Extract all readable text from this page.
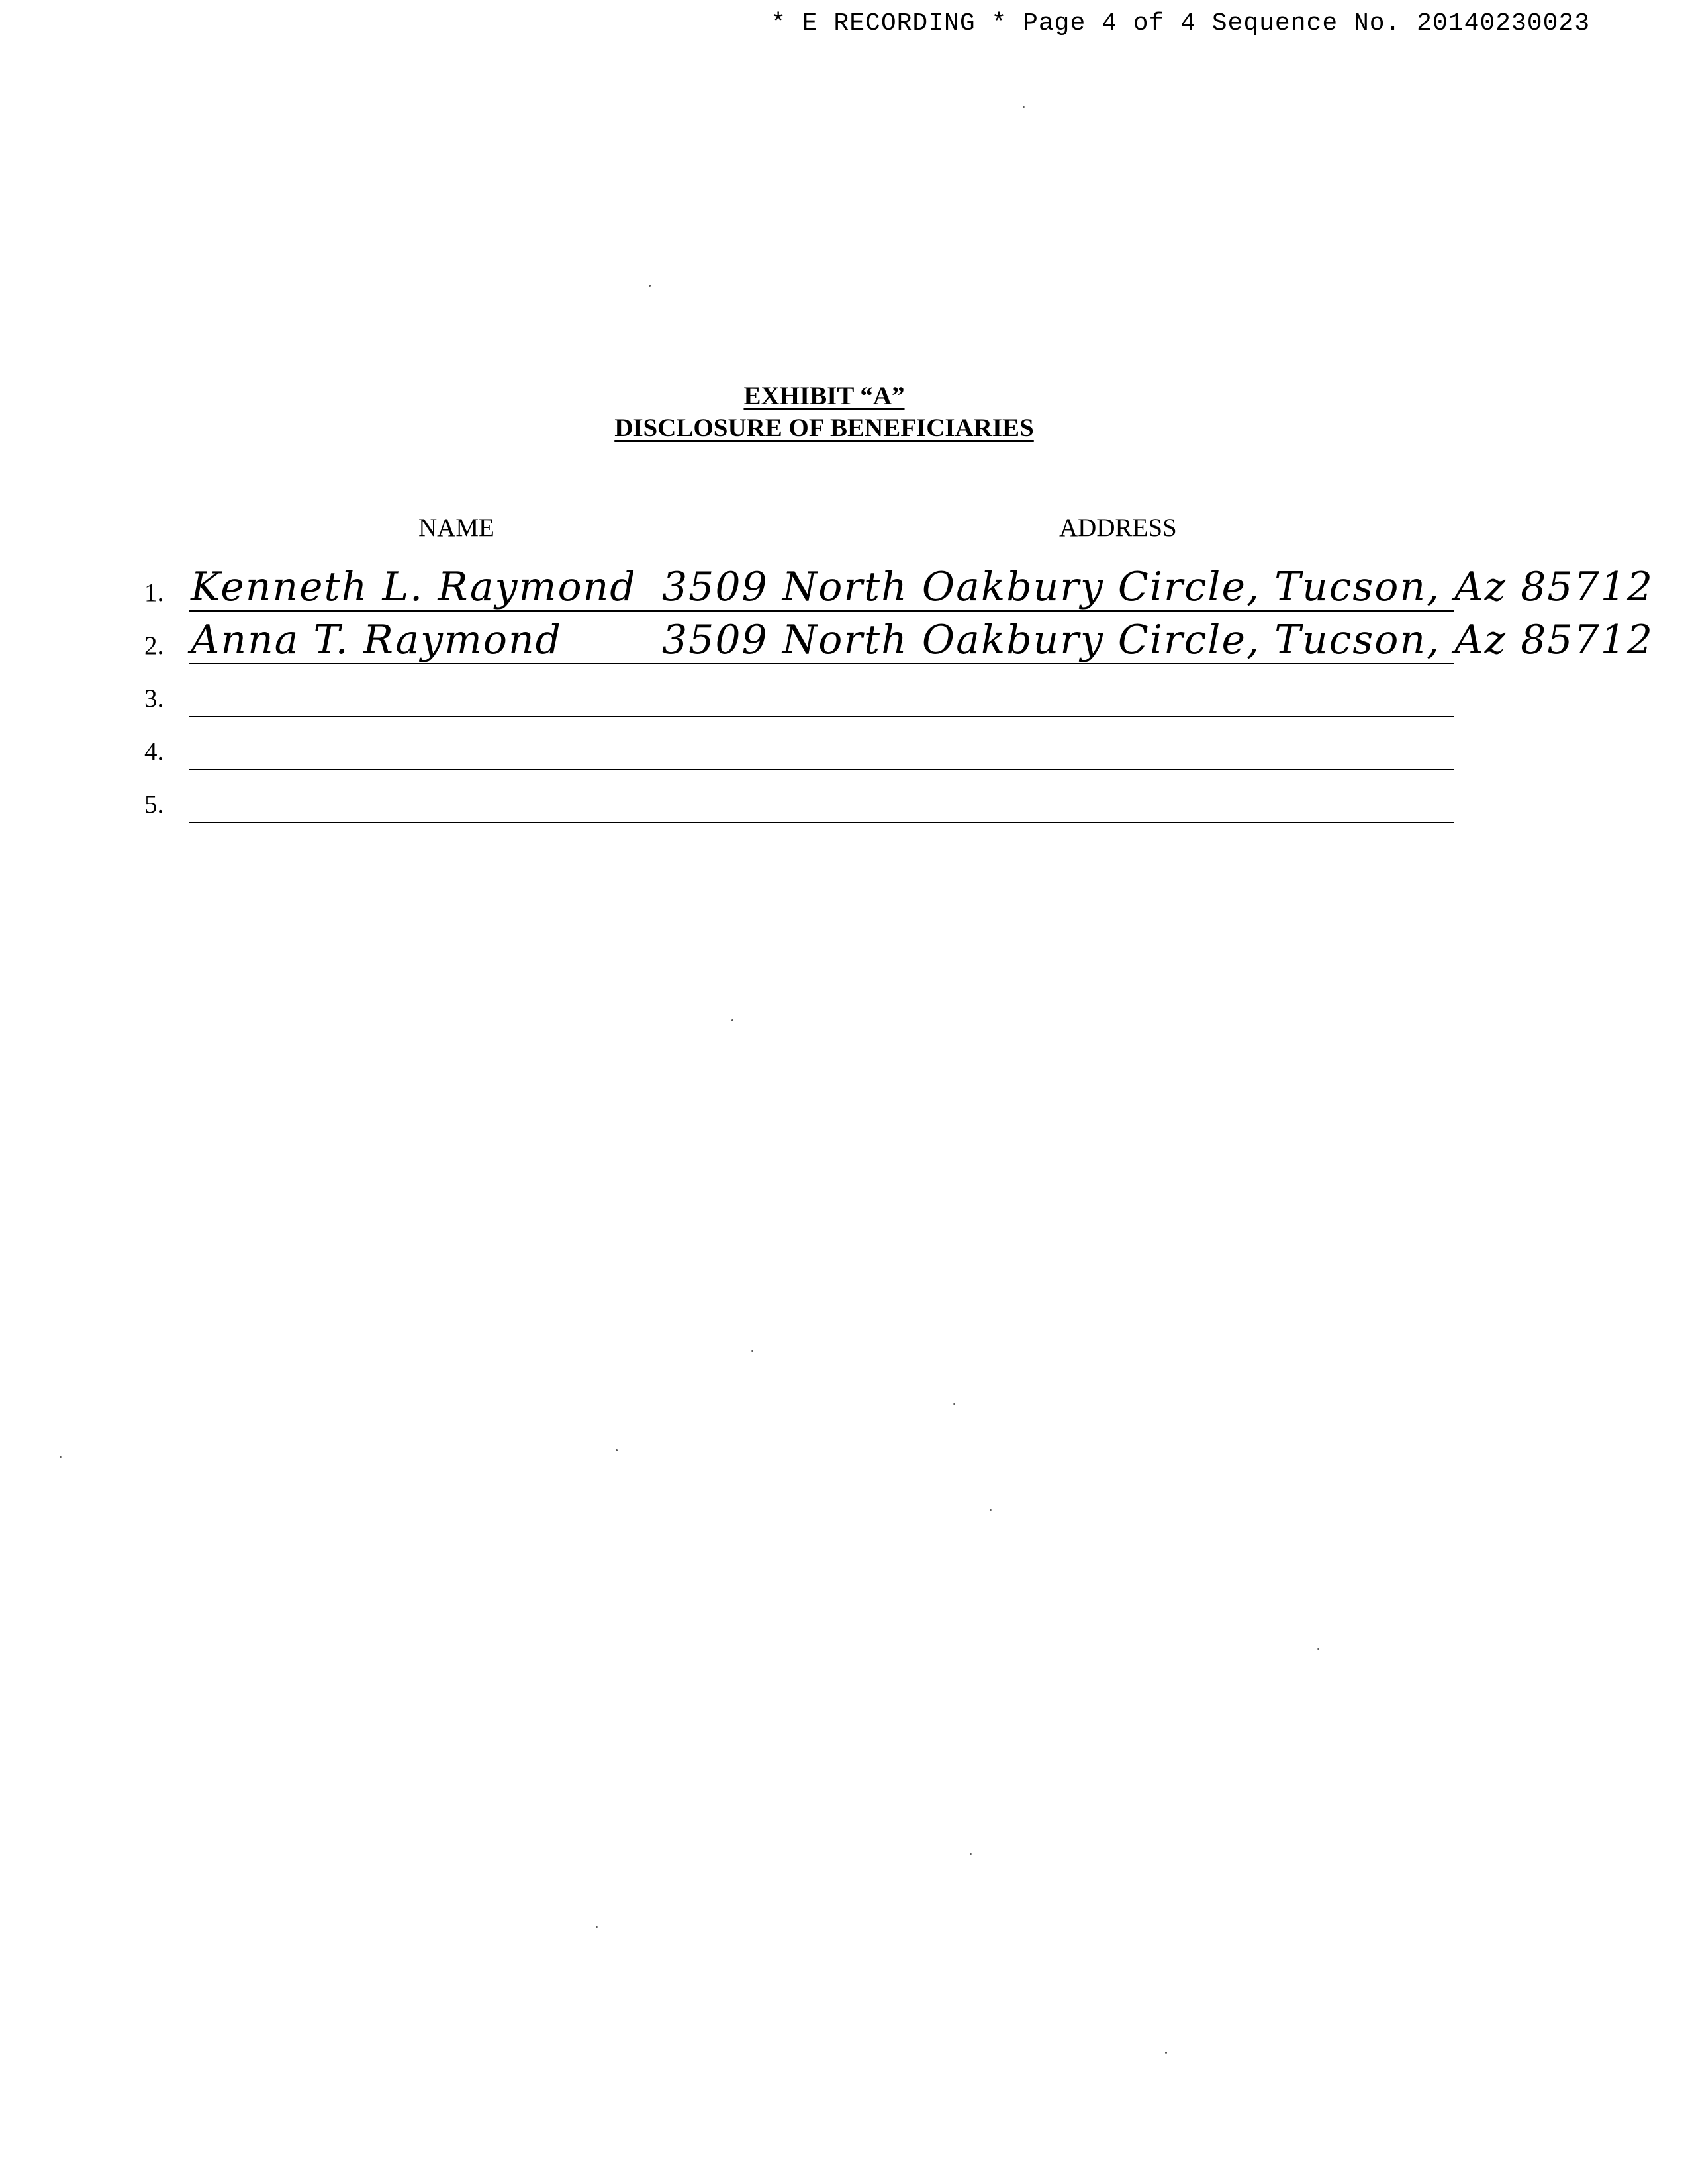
* E RECORDING * Page 4 of 4 Sequence No. 20140230023
EXHIBIT “A”
DISCLOSURE OF BENEFICIARIES
NAME	ADDRESS
1. Kenneth L. Raymond 3509 North Oakbury Circle, Tucson, Az 85712
2. Anna T. Raymond	3509 North Oakbury Circle, Tucson, Az 85712
3.
4.
5.
